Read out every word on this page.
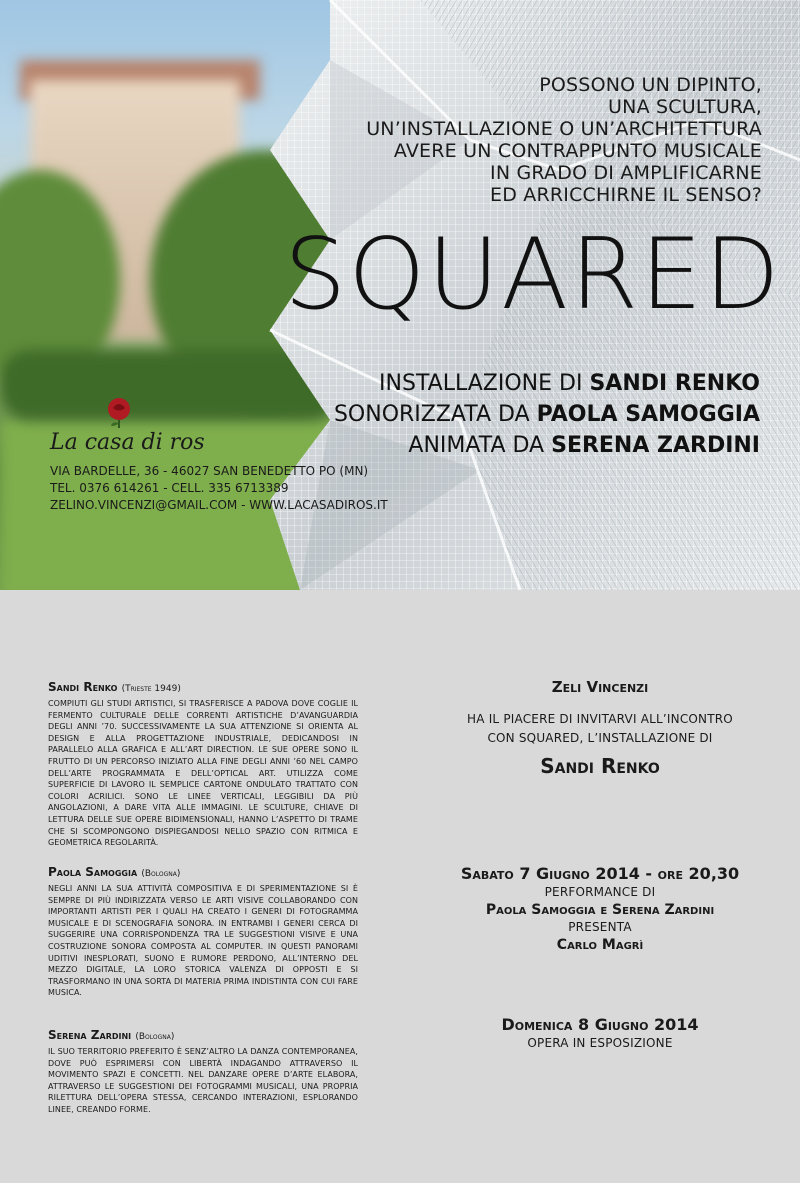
POSSONO UN DIPINTO,
UNA SCULTURA,
UN’INSTALLAZIONE O UN’ARCHITETTURA
AVERE UN CONTRAPPUNTO MUSICALE
IN GRADO DI AMPLIFICARNE
ED ARRICCHIRNE IL SENSO?

SQUARED
INSTALLAZIONE DI SANDI RENKO
SONORIZZATA DA PAOLA SAMOGGIA
ANIMATA DA SERENA ZARDINI
La casa di ros
VIA BARDELLE, 36 - 46027 SAN BENEDETTO PO (MN)
TEL. 0376 614261 - CELL. 335 6713389
ZELINO.VINCENZI@GMAIL.COM - WWW.LACASADIROS.IT

Sandi Renko (Trieste 1949)

COMPIUTI GLI STUDI ARTISTICI, SI TRASFERISCE A PADOVA DOVE COGLIE IL FERMENTO CULTURALE DELLE CORRENTI ARTISTICHE D’AVANGUARDIA DEGLI ANNI ’70. SUCCESSIVAMENTE LA SUA ATTENZIONE SI ORIENTA AL DESIGN E ALLA PROGETTAZIONE INDUSTRIALE, DEDICANDOSI IN PARALLELO ALLA GRAFICA E ALL’ART DIRECTION. LE SUE OPERE SONO IL FRUTTO DI UN PERCORSO INIZIATO ALLA FINE DEGLI ANNI ’60 NEL CAMPO DELL’ARTE PROGRAMMATA E DELL’OPTICAL ART. UTILIZZA COME SUPERFICIE DI LAVORO IL SEMPLICE CARTONE ONDULATO TRATTATO CON COLORI ACRILICI. SONO LE LINEE VERTICALI, LEGGIBILI DA PIÙ ANGOLAZIONI, A DARE VITA ALLE IMMAGINI. LE SCULTURE, CHIAVE DI LETTURA DELLE SUE OPERE BIDIMENSIONALI, HANNO L’ASPETTO DI TRAME CHE SI SCOMPONGONO DISPIEGANDOSI NELLO SPAZIO CON RITMICA E GEOMETRICA REGOLARITÀ.

Paola Samoggia (Bologna)

NEGLI ANNI LA SUA ATTIVITÀ COMPOSITIVA E DI SPERIMENTAZIONE SI È SEMPRE DI PIÙ INDIRIZZATA VERSO LE ARTI VISIVE COLLABORANDO CON IMPORTANTI ARTISTI PER I QUALI HA CREATO I GENERI DI FOTOGRAMMA MUSICALE E DI SCENOGRAFIA SONORA. IN ENTRAMBI I GENERI CERCA DI SUGGERIRE UNA CORRISPONDENZA TRA LE SUGGESTIONI VISIVE E UNA COSTRUZIONE SONORA COMPOSTA AL COMPUTER. IN QUESTI PANORAMI UDITIVI INESPLORATI, SUONO E RUMORE PERDONO, ALL’INTERNO DEL MEZZO DIGITALE, LA LORO STORICA VALENZA DI OPPOSTI E SI TRASFORMANO IN UNA SORTA DI MATERIA PRIMA INDISTINTA CON CUI FARE MUSICA.

Serena Zardini (Bologna)

IL SUO TERRITORIO PREFERITO È SENZ’ALTRO LA DANZA CONTEMPORANEA, DOVE PUÒ ESPRIMERSI CON LIBERTÀ INDAGANDO ATTRAVERSO IL MOVIMENTO SPAZI E CONCETTI. NEL DANZARE OPERE D’ARTE ELABORA, ATTRAVERSO LE SUGGESTIONI DEI FOTOGRAMMI MUSICALI, UNA PROPRIA RILETTURA DELL’OPERA STESSA, CERCANDO INTERAZIONI, ESPLORANDO LINEE, CREANDO FORME.

Zeli Vincenzi

HA IL PIACERE DI INVITARVI ALL’INCONTRO

CON SQUARED, L’INSTALLAZIONE DI

Sandi Renko

Sabato 7 Giugno 2014 - ore 20,30

PERFORMANCE DI

Paola Samoggia e Serena Zardini

PRESENTA

Carlo Magrì

Domenica 8 Giugno 2014

OPERA IN ESPOSIZIONE
